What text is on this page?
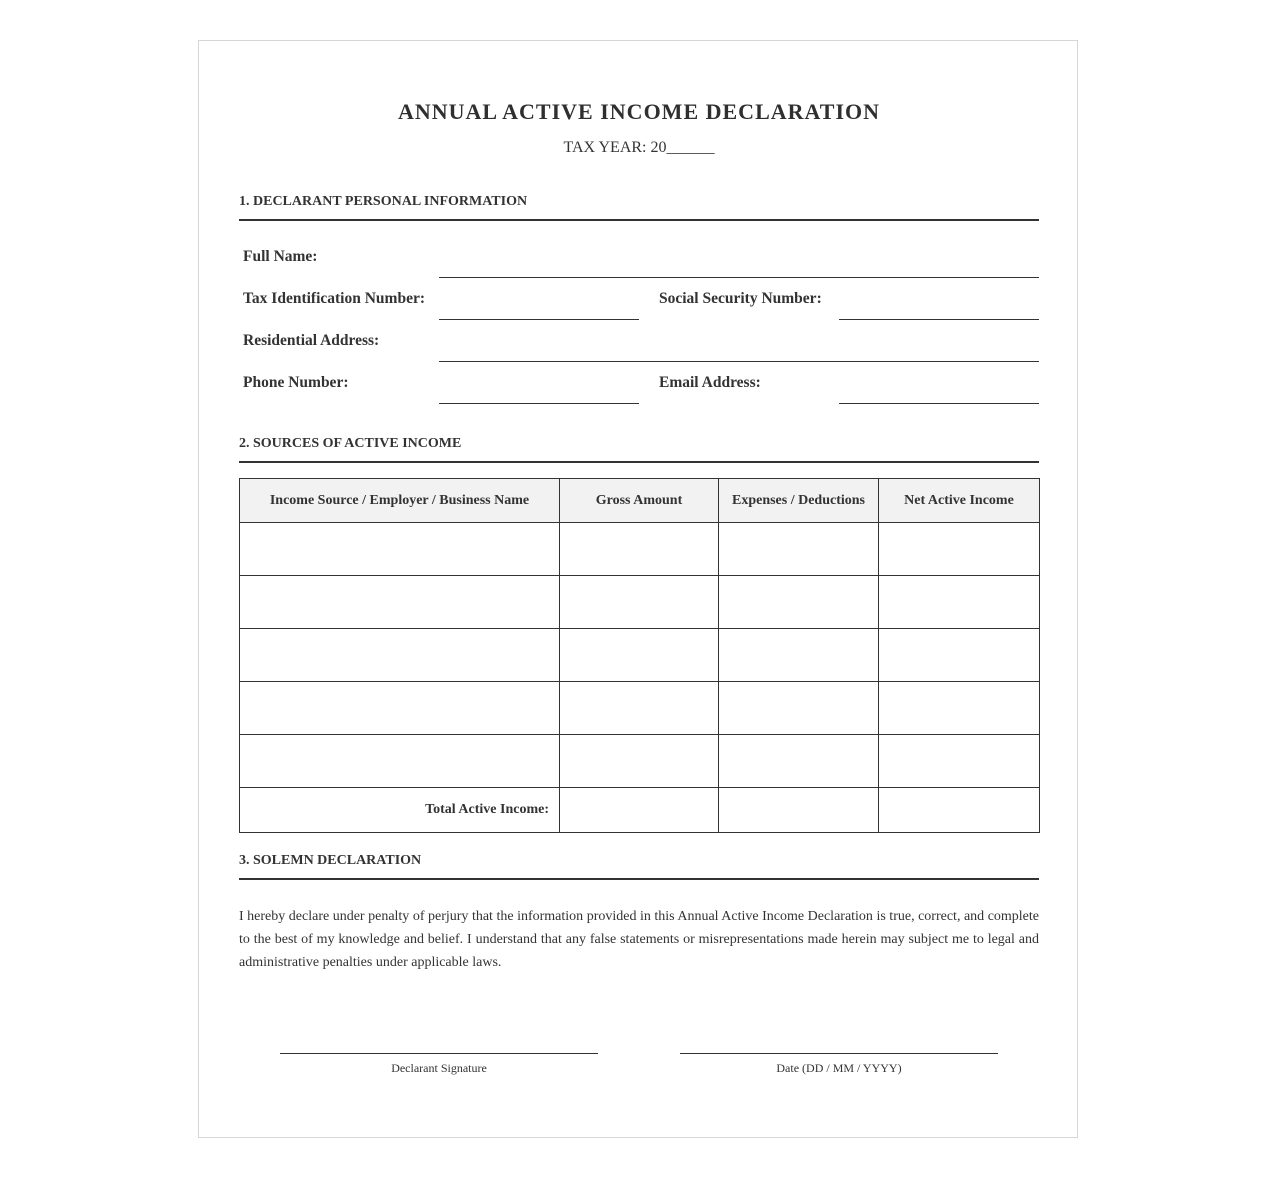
ANNUAL ACTIVE INCOME DECLARATION
TAX YEAR: 20______
1. DECLARANT PERSONAL INFORMATION
Full Name:
Tax Identification Number:	Social Security Number:
Residential Address:
Phone Number:	Email Address:
2. SOURCES OF ACTIVE INCOME
Income Source / Employer / Business Name	Gross Amount	Expenses / Deductions	Net Active Income

Total Active Income:			
3. SOLEMN DECLARATION
I hereby declare under penalty of perjury that the information provided in this Annual Active Income Declaration is true, correct, and complete to the best of my knowledge and belief. I understand that any false statements or misrepresentations made herein may subject me to legal and administrative penalties under applicable laws.
Declarant Signature	Date (DD / MM / YYYY)
